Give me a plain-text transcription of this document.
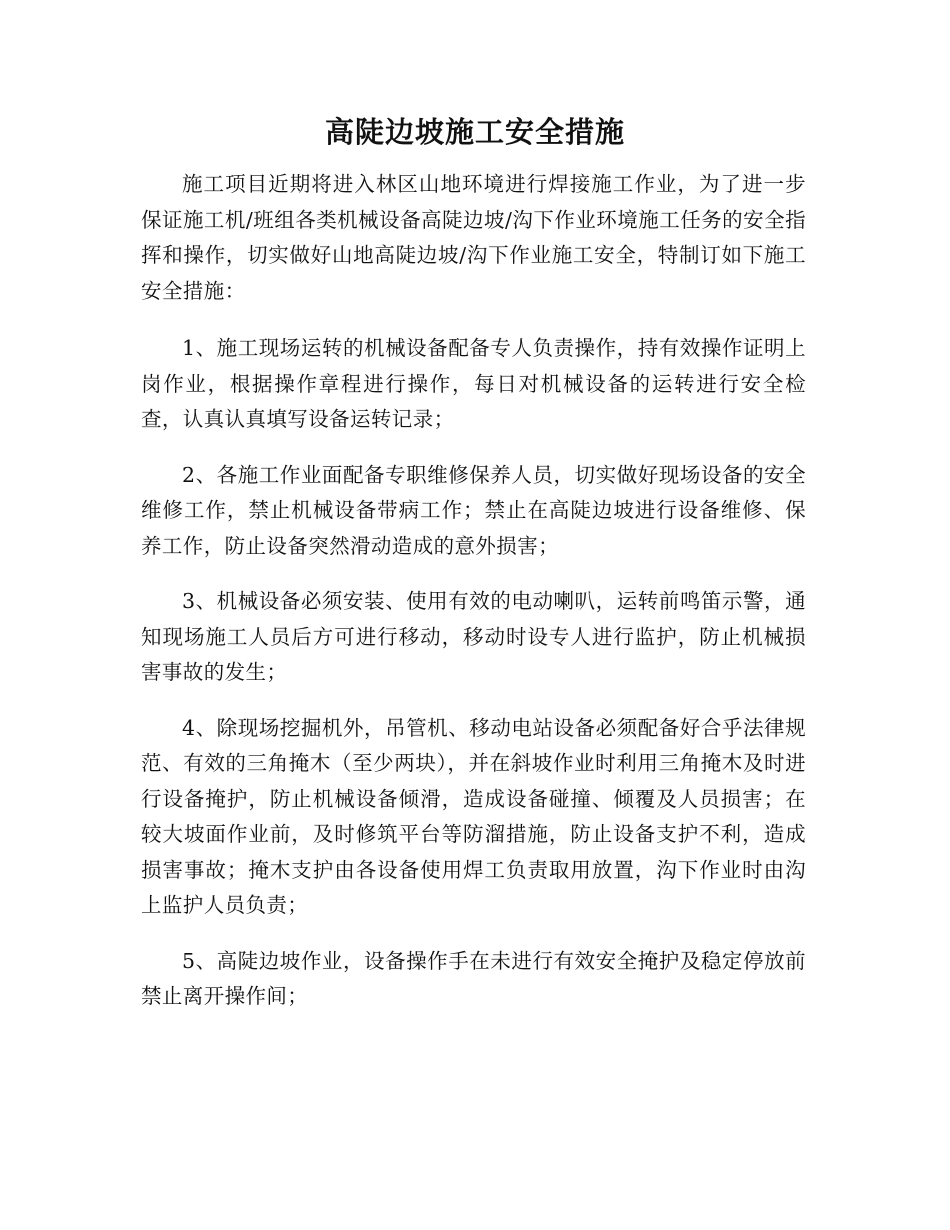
高陡边坡施工安全措施

施工项目近期将进入林区山地环境进行焊接施工作业，为了进一步保证施工机/班组各类机械设备高陡边坡/沟下作业环境施工任务的安全指挥和操作，切实做好山地高陡边坡/沟下作业施工安全，特制订如下施工安全措施：

1、施工现场运转的机械设备配备专人负责操作，持有效操作证明上岗作业，根据操作章程进行操作，每日对机械设备的运转进行安全检查，认真认真填写设备运转记录；

2、各施工作业面配备专职维修保养人员，切实做好现场设备的安全维修工作，禁止机械设备带病工作；禁止在高陡边坡进行设备维修、保养工作，防止设备突然滑动造成的意外损害；

3、机械设备必须安装、使用有效的电动喇叭，运转前鸣笛示警，通知现场施工人员后方可进行移动，移动时设专人进行监护，防止机械损害事故的发生；

4、除现场挖掘机外，吊管机、移动电站设备必须配备好合乎法律规范、有效的三角掩木（至少两块），并在斜坡作业时利用三角掩木及时进行设备掩护，防止机械设备倾滑，造成设备碰撞、倾覆及人员损害；在较大坡面作业前，及时修筑平台等防溜措施，防止设备支护不利，造成损害事故；掩木支护由各设备使用焊工负责取用放置，沟下作业时由沟上监护人员负责；

5、高陡边坡作业，设备操作手在未进行有效安全掩护及稳定停放前禁止离开操作间；
